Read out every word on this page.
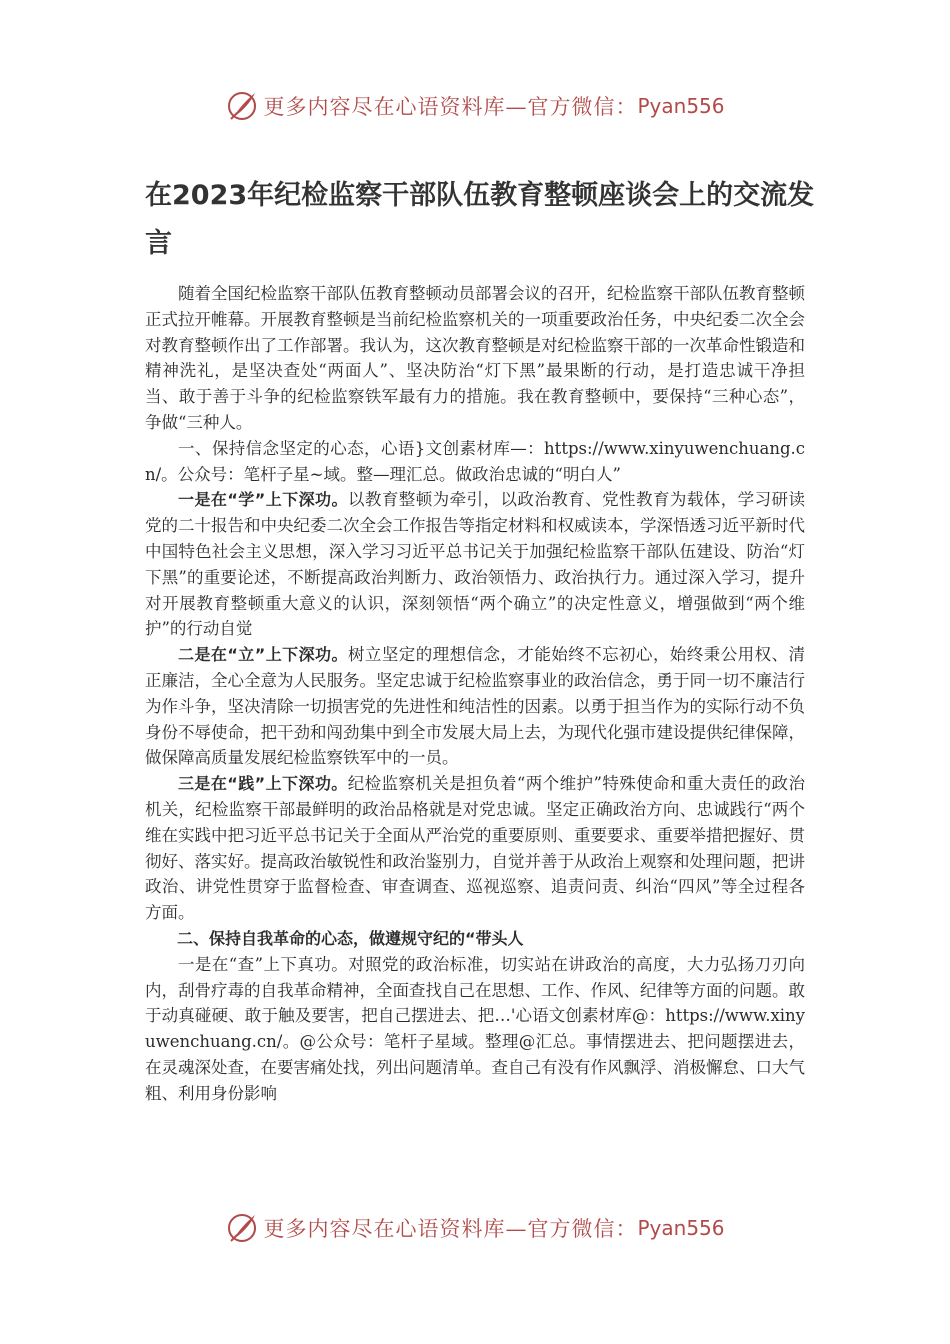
更多内容尽在心语资料库—官方微信： Pyan556
在2023年纪检监察干部队伍教育整顿座谈会上的交流发言

随着全国纪检监察干部队伍教育整顿动员部署会议的召开，纪检监察干部队伍教育整顿正式拉开帷幕。开展教育整顿是当前纪检监察机关的一项重要政治任务，中央纪委二次全会对教育整顿作出了工作部署。我认为，这次教育整顿是对纪检监察干部的一次革命性锻造和精神洗礼，是坚决查处“两面人”、坚决防治“灯下黑”最果断的行动，是打造忠诚干净担当、敢于善于斗争的纪检监察铁军最有力的措施。我在教育整顿中，要保持“三种心态”，争做“三种人。

一、保持信念坚定的心态，心语}文创素材库—：https://www.xinyuwenchuang.cn/。公众号：笔杆子星~域。整—理汇总。做政治忠诚的“明白人”

一是在“学”上下深功。以教育整顿为牵引，以政治教育、党性教育为载体，学习研读党的二十报告和中央纪委二次全会工作报告等指定材料和权威读本，学深悟透习近平新时代中国特色社会主义思想，深入学习习近平总书记关于加强纪检监察干部队伍建设、防治“灯下黑”的重要论述，不断提高政治判断力、政治领悟力、政治执行力。通过深入学习，提升对开展教育整顿重大意义的认识，深刻领悟“两个确立”的决定性意义，增强做到“两个维护”的行动自觉

二是在“立”上下深功。树立坚定的理想信念，才能始终不忘初心，始终秉公用权、清正廉洁，全心全意为人民服务。坚定忠诚于纪检监察事业的政治信念，勇于同一切不廉洁行为作斗争，坚决清除一切损害党的先进性和纯洁性的因素。以勇于担当作为的实际行动不负身份不辱使命，把干劲和闯劲集中到全市发展大局上去，为现代化强市建设提供纪律保障，做保障高质量发展纪检监察铁军中的一员。

三是在“践”上下深功。纪检监察机关是担负着“两个维护”特殊使命和重大责任的政治机关，纪检监察干部最鲜明的政治品格就是对党忠诚。坚定正确政治方向、忠诚践行“两个维在实践中把习近平总书记关于全面从严治党的重要原则、重要要求、重要举措把握好、贯彻好、落实好。提高政治敏锐性和政治鉴别力，自觉并善于从政治上观察和处理问题，把讲政治、讲党性贯穿于监督检查、审查调查、巡视巡察、追责问责、纠治“四风”等全过程各方面。

二、保持自我革命的心态，做遵规守纪的“带头人

一是在“查”上下真功。对照党的政治标准，切实站在讲政治的高度，大力弘扬刀刃向内，刮骨疗毒的自我革命精神，全面查找自己在思想、工作、作风、纪律等方面的问题。敢于动真碰硬、敢于触及要害，把自己摆进去、把…'心语文创素材库@：https://www.xinyuwenchuang.cn/。@公众号：笔杆子星域。整理@汇总。事情摆进去、把问题摆进去，在灵魂深处查，在要害痛处找，列出问题清单。查自己有没有作风飘浮、消极懈怠、口大气粗、利用身份影响

更多内容尽在心语资料库—官方微信： Pyan556
